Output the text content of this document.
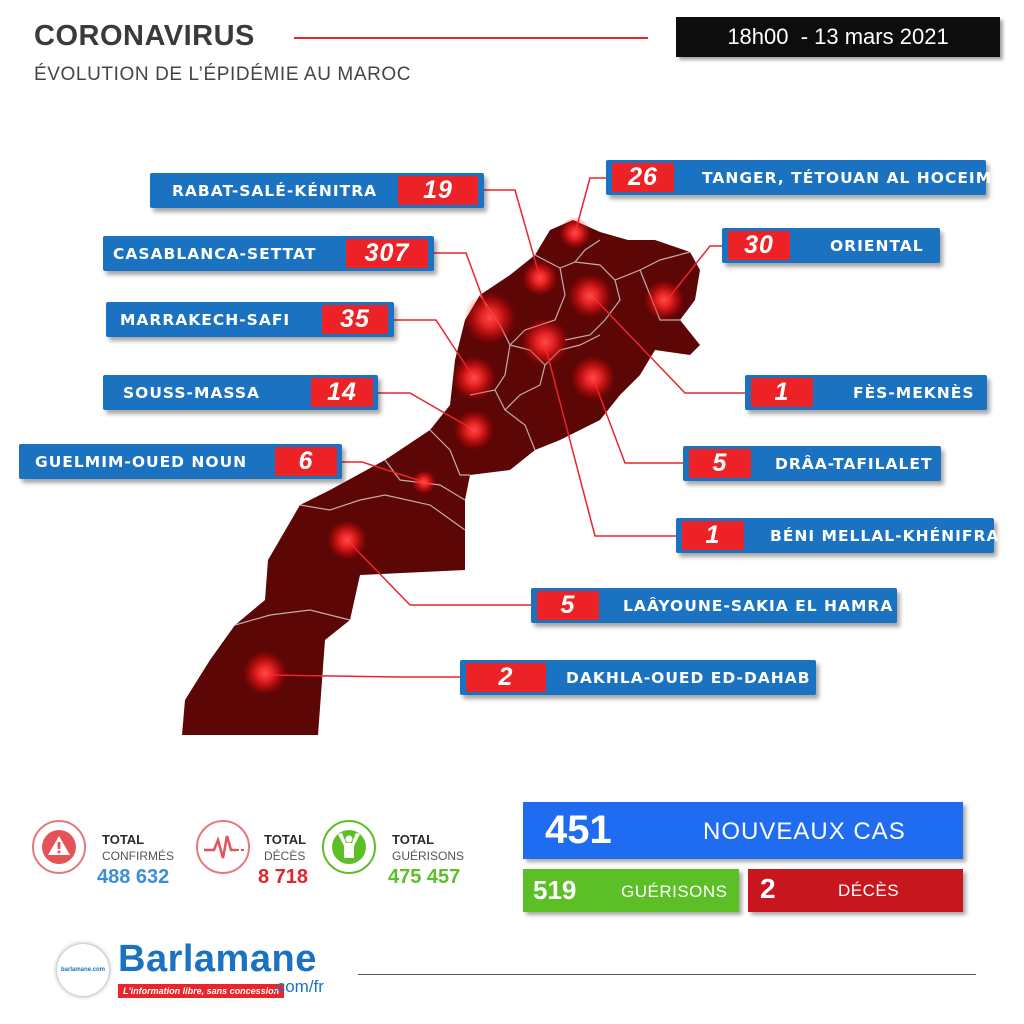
CORONAVIRUS
ÉVOLUTION DE L’ÉPIDÉMIE AU MAROC
18h00  - 13 mars 2021
RABAT-SALÉ-KÉNITRA	19
CASABLANCA-SETTAT	307
MARRAKECH-SAFI	35
SOUSS-MASSA	14
GUELMIM-OUED NOUN	6
26	TANGER, TÉTOUAN AL HOCEIMA
30	ORIENTAL
1	FÈS-MEKNÈS
5	DRÂA-TAFILALET
1	BÉNI MELLAL-KHÉNIFRA
5	LAÂYOUNE-SAKIA EL HAMRA
2	DAKHLA-OUED ED-DAHAB
TOTAL
CONFIRMÉS
488 632
TOTAL
DÉCÈS
8 718
TOTAL
GUÉRISONS
475 457
451	NOUVEAUX CAS
519	GUÉRISONS 2	DÉCÈS
barlamane.com Barlamane
L'information libre, sans concession
.com/fr
